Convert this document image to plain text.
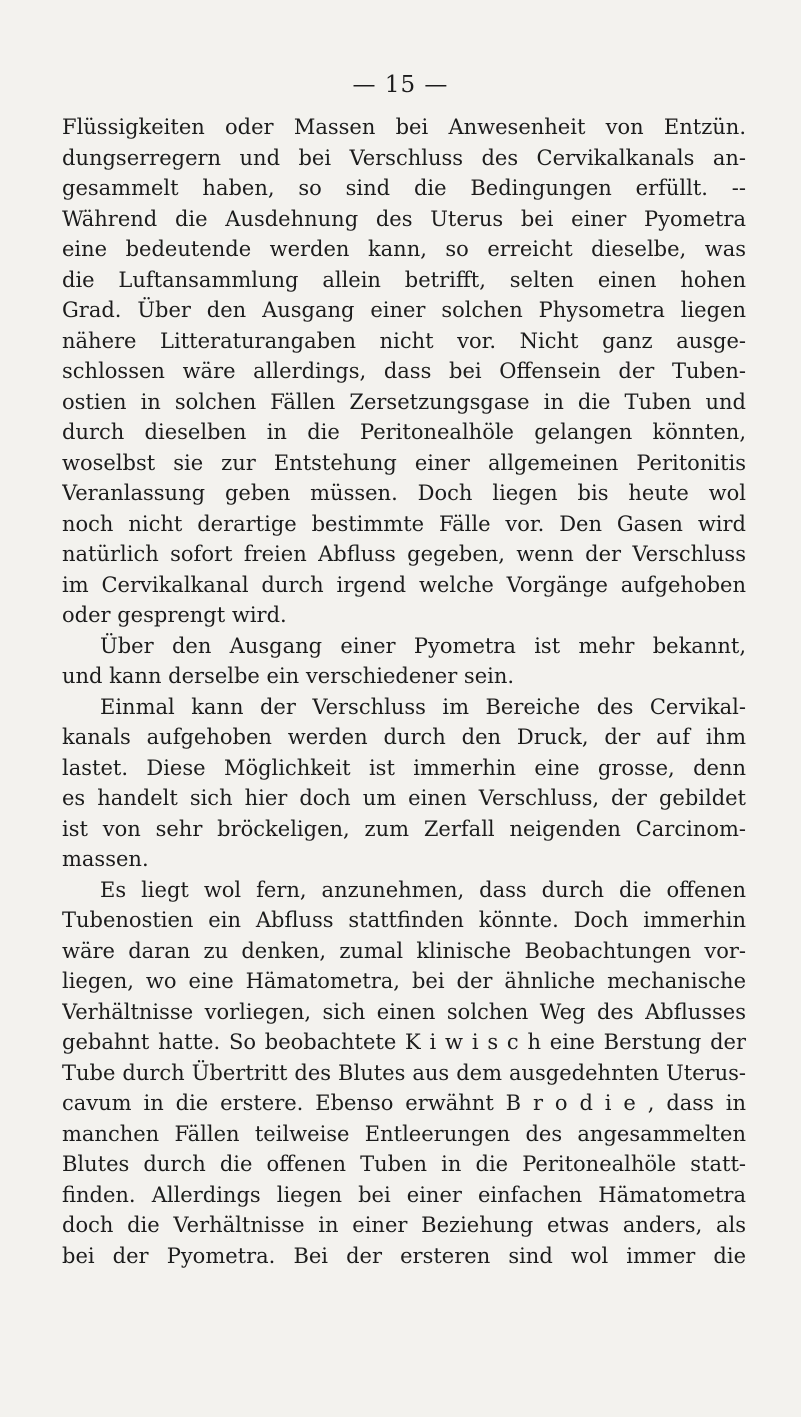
— 15 —
Flüssigkeiten oder Massen bei Anwesenheit von Entzün.
dungserregern und bei Verschluss des Cervikalkanals an-
gesammelt haben, so sind die Bedingungen erfüllt. --
Während die Ausdehnung des Uterus bei einer Pyometra
eine bedeutende werden kann, so erreicht dieselbe, was
die Luftansammlung allein betrifft, selten einen hohen
Grad. Über den Ausgang einer solchen Physometra liegen
nähere Litteraturangaben nicht vor. Nicht ganz ausge-
schlossen wäre allerdings, dass bei Offensein der Tuben-
ostien in solchen Fällen Zersetzungsgase in die Tuben und
durch dieselben in die Peritonealhöle gelangen könnten,
woselbst sie zur Entstehung einer allgemeinen Peritonitis
Veranlassung geben müssen. Doch liegen bis heute wol
noch nicht derartige bestimmte Fälle vor. Den Gasen wird
natürlich sofort freien Abfluss gegeben, wenn der Verschluss
im Cervikalkanal durch irgend welche Vorgänge aufgehoben
oder gesprengt wird.
Über den Ausgang einer Pyometra ist mehr bekannt,
und kann derselbe ein verschiedener sein.
Einmal kann der Verschluss im Bereiche des Cervikal-
kanals aufgehoben werden durch den Druck, der auf ihm
lastet. Diese Möglichkeit ist immerhin eine grosse, denn
es handelt sich hier doch um einen Verschluss, der gebildet
ist von sehr bröckeligen, zum Zerfall neigenden Carcinom-
massen.
Es liegt wol fern, anzunehmen, dass durch die offenen
Tubenostien ein Abfluss stattfinden könnte. Doch immerhin
wäre daran zu denken, zumal klinische Beobachtungen vor-
liegen, wo eine Hämatometra, bei der ähnliche mechanische
Verhältnisse vorliegen, sich einen solchen Weg des Abflusses
gebahnt hatte. So beobachtete K i w i s c h eine Berstung der
Tube durch Übertritt des Blutes aus dem ausgedehnten Uterus-
cavum in die erstere. Ebenso erwähnt B r o d i e , dass in
manchen Fällen teilweise Entleerungen des angesammelten
Blutes durch die offenen Tuben in die Peritonealhöle statt-
finden. Allerdings liegen bei einer einfachen Hämatometra
doch die Verhältnisse in einer Beziehung etwas anders, als
bei der Pyometra. Bei der ersteren sind wol immer die
